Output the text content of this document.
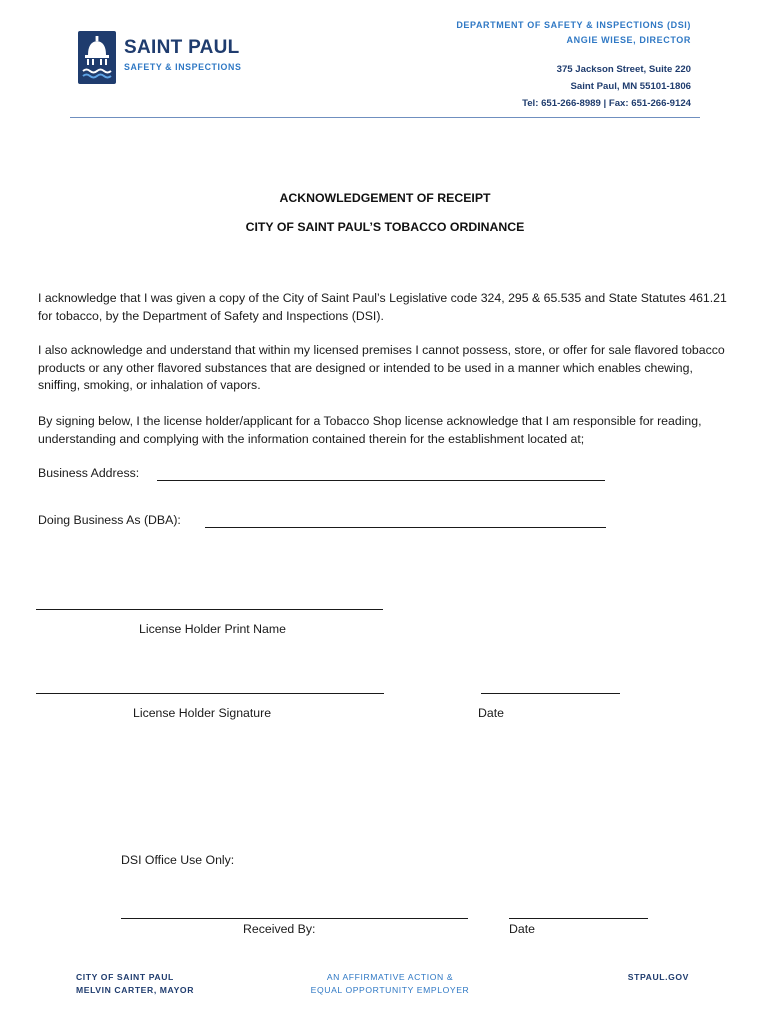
SAINT PAUL
SAFETY & INSPECTIONS
DEPARTMENT OF SAFETY & INSPECTIONS (DSI)
ANGIE WIESE, DIRECTOR
375 Jackson Street, Suite 220
Saint Paul, MN 55101-1806
Tel: 651-266-8989 | Fax: 651-266-9124
ACKNOWLEDGEMENT OF RECEIPT
CITY OF SAINT PAUL’S TOBACCO ORDINANCE
I acknowledge that I was given a copy of the City of Saint Paul’s Legislative code 324, 295 & 65.535 and State Statutes 461.21 for tobacco, by the Department of Safety and Inspections (DSI).
I also acknowledge and understand that within my licensed premises I cannot possess, store, or offer for sale flavored tobacco products or any other flavored substances that are designed or intended to be used in a manner which enables chewing, sniffing, smoking, or inhalation of vapors.
By signing below, I the license holder/applicant for a Tobacco Shop license acknowledge that I am responsible for reading, understanding and complying with the information contained therein for the establishment located at;
Business Address:
Doing Business As (DBA):
License Holder Print Name
License Holder Signature	Date
DSI Office Use Only:
Received By:	Date
CITY OF SAINT PAUL
MELVIN CARTER, MAYOR
AN AFFIRMATIVE ACTION &
EQUAL OPPORTUNITY EMPLOYER
STPAUL.GOV
